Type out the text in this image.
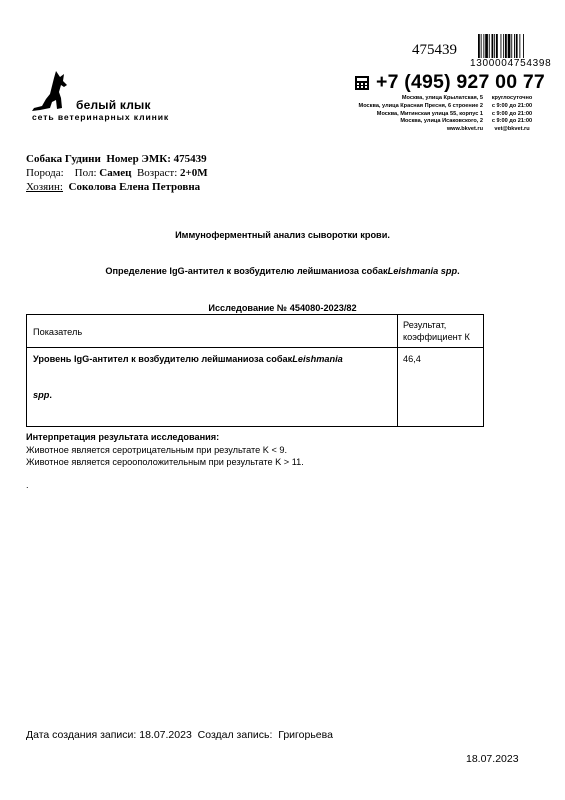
белый клык
сеть ветеринарных клиник
475439
1300004754398
+7 (495) 927 00 77
Москва, улица Крылатская, 5
Москва, улица Красная Пресня, 6 строение 2
Москва, Митинская улица 55, корпус 1
Москва, улица Исаковского, 2
www.bkvet.ru
круглосуточно
с 9:00 до 21:00
с 9:00 до 21:00
с 9:00 до 21:00
vet@bkvet.ru
Собака Гудини Номер ЭМК: 475439
Порода: Пол: Самец Возраст: 2+0М
Хозяин: Соколова Елена Петровна
Иммуноферментный анализ сыворотки крови.
Определение IgG-антител к возбудителю лейшманиоза собакLeishmania spp.
Исследование № 454080-2023/82
Показатель
Результат,
коэффициент К
Уровень IgG-антител к возбудителю лейшманиоза собакLeishmania
spp.
46,4
Интерпретация результата исследования:
Животное является серотрицательным при результате K < 9.
Животное является серооположительным при результате K > 11.
.
Дата создания записи: 18.07.2023 Создал запись: Григорьева
18.07.2023
